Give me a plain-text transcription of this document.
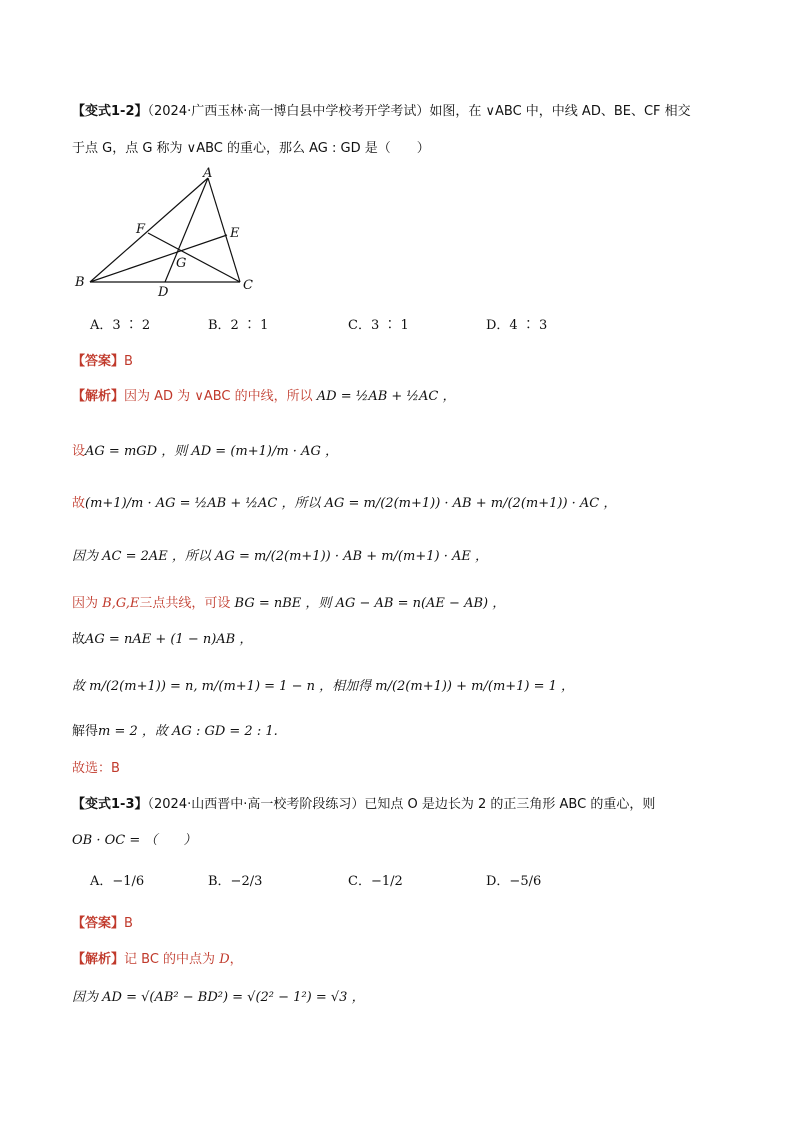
【变式1-2】（2024·广西玉林·高一博白县中学校考开学考试）如图，在 ∨ABC 中，中线 AD、BE、CF 相交
于点 G，点 G 称为 ∨ABC 的重心，那么 AG : GD 是（　　）
A
B	C
D
E
F
G
A．3 ∶ 2	B．2 ∶ 1	C．3 ∶ 1	D．4 ∶ 3
【答案】B
【解析】因为 AD 为 ∨ABC 的中线，所以 AD = ½AB + ½AC ，
设AG = mGD ，则 AD = (m+1)/m · AG ，
故(m+1)/m · AG = ½AB + ½AC ，所以 AG = m/(2(m+1)) · AB + m/(2(m+1)) · AC ，
因为 AC = 2AE ，所以 AG = m/(2(m+1)) · AB + m/(m+1) · AE ，
因为 B,G,E三点共线，可设 BG = nBE ，则 AG − AB = n(AE − AB) ，
故AG = nAE + (1 − n)AB ，
故 m/(2(m+1)) = n, m/(m+1) = 1 − n ，相加得 m/(2(m+1)) + m/(m+1) = 1 ，
解得m = 2 ，故 AG : GD = 2 : 1.
故选：B
【变式1-3】（2024·山西晋中·高一校考阶段练习）已知点 O 是边长为 2 的正三角形 ABC 的重心，则
OB · OC = （　　）
A．−1/6	B．−2/3	C．−1/2	D．−5/6
【答案】B
【解析】记 BC 的中点为 D，
因为 AD = √(AB² − BD²) = √(2² − 1²) = √3 ，
